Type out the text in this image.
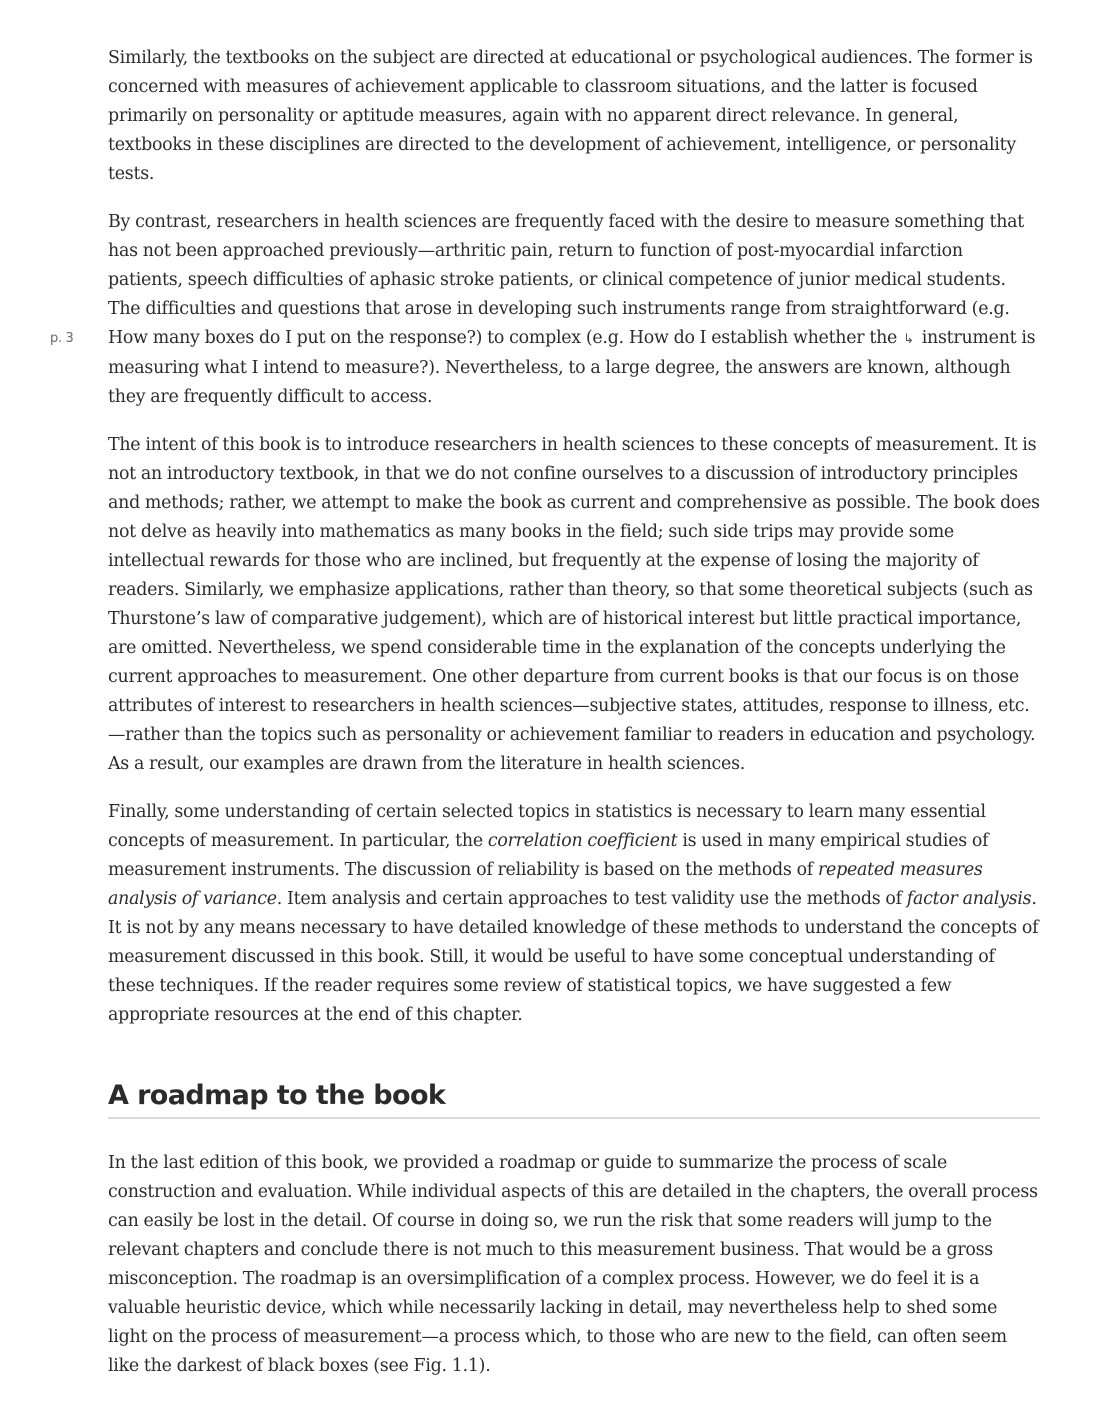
Similarly, the textbooks on the subject are directed at educational or psychological audiences. The former is concerned with measures of achievement applicable to classroom situations, and the latter is focused primarily on personality or aptitude measures, again with no apparent direct relevance. In general, textbooks in these disciplines are directed to the development of achievement, intelligence, or personality tests.

p. 3
By contrast, researchers in health sciences are frequently faced with the desire to measure something that has not been approached previously—arthritic pain, return to function of post-myocardial infarction patients, speech difficulties of aphasic stroke patients, or clinical competence of junior medical students. The difficulties and questions that arose in developing such instruments range from straightforward (e.g. How many boxes do I put on the response?) to complex (e.g. How do I establish whether the ↳ instrument is measuring what I intend to measure?). Nevertheless, to a large degree, the answers are known, although they are frequently difficult to access.

The intent of this book is to introduce researchers in health sciences to these concepts of measurement. It is not an introductory textbook, in that we do not confine ourselves to a discussion of introductory principles and methods; rather, we attempt to make the book as current and comprehensive as possible. The book does not delve as heavily into mathematics as many books in the field; such side trips may provide some intellectual rewards for those who are inclined, but frequently at the expense of losing the majority of readers. Similarly, we emphasize applications, rather than theory, so that some theoretical subjects (such as Thurstone’s law of comparative judgement), which are of historical interest but little practical importance, are omitted. Nevertheless, we spend considerable time in the explanation of the concepts underlying the current approaches to measurement. One other departure from current books is that our focus is on those attributes of interest to researchers in health sciences—subjective states, attitudes, response to illness, etc.—rather than the topics such as personality or achievement familiar to readers in education and psychology. As a result, our examples are drawn from the literature in health sciences.

Finally, some understanding of certain selected topics in statistics is necessary to learn many essential concepts of measurement. In particular, the correlation coefficient is used in many empirical studies of measurement instruments. The discussion of reliability is based on the methods of repeated measures analysis of variance. Item analysis and certain approaches to test validity use the methods of factor analysis. It is not by any means necessary to have detailed knowledge of these methods to understand the concepts of measurement discussed in this book. Still, it would be useful to have some conceptual understanding of these techniques. If the reader requires some review of statistical topics, we have suggested a few appropriate resources at the end of this chapter.

A roadmap to the book

In the last edition of this book, we provided a roadmap or guide to summarize the process of scale construction and evaluation. While individual aspects of this are detailed in the chapters, the overall process can easily be lost in the detail. Of course in doing so, we run the risk that some readers will jump to the relevant chapters and conclude there is not much to this measurement business. That would be a gross misconception. The roadmap is an oversimplification of a complex process. However, we do feel it is a valuable heuristic device, which while necessarily lacking in detail, may nevertheless help to shed some light on the process of measurement—a process which, to those who are new to the field, can often seem like the darkest of black boxes (see Fig. 1.1).
